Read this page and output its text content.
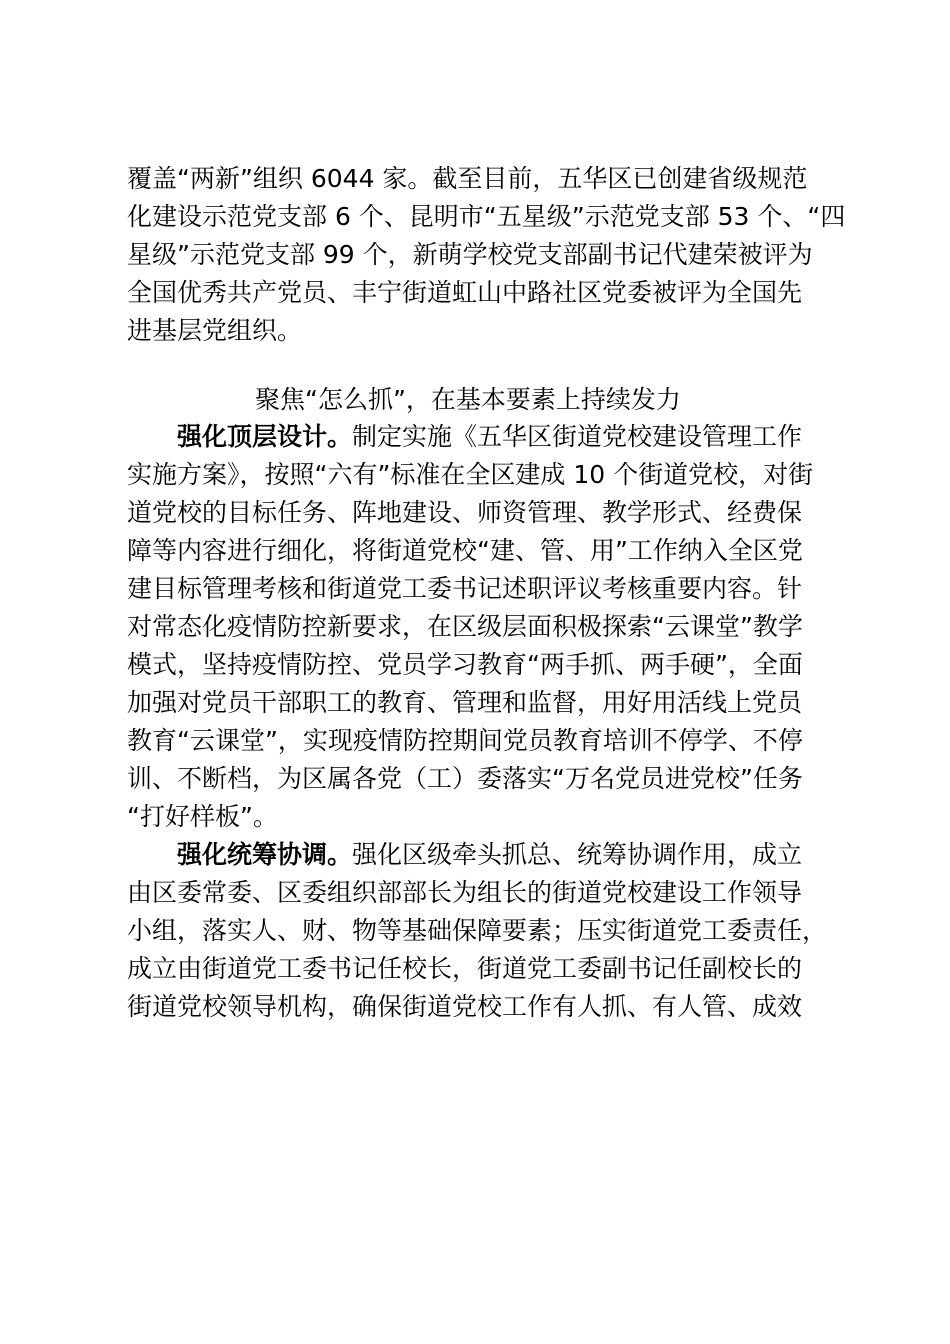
覆盖“两新”组织 6044 家。截至目前，五华区已创建省级规范
化建设示范党支部 6 个、昆明市“五星级”示范党支部 53 个、“四
星级”示范党支部 99 个，新萌学校党支部副书记代建荣被评为
全国优秀共产党员、丰宁街道虹山中路社区党委被评为全国先
进基层党组织。
聚焦“怎么抓”，在基本要素上持续发力
强化顶层设计。制定实施《五华区街道党校建设管理工作
实施方案》，按照“六有”标准在全区建成 10 个街道党校，对街
道党校的目标任务、阵地建设、师资管理、教学形式、经费保
障等内容进行细化，将街道党校“建、管、用”工作纳入全区党
建目标管理考核和街道党工委书记述职评议考核重要内容。针
对常态化疫情防控新要求，在区级层面积极探索“云课堂”教学
模式，坚持疫情防控、党员学习教育“两手抓、两手硬”，全面
加强对党员干部职工的教育、管理和监督，用好用活线上党员
教育“云课堂”，实现疫情防控期间党员教育培训不停学、不停
训、不断档，为区属各党（工）委落实“万名党员进党校”任务
“打好样板”。
强化统筹协调。强化区级牵头抓总、统筹协调作用，成立
由区委常委、区委组织部部长为组长的街道党校建设工作领导
小组，落实人、财、物等基础保障要素；压实街道党工委责任，
成立由街道党工委书记任校长，街道党工委副书记任副校长的
街道党校领导机构，确保街道党校工作有人抓、有人管、成效
